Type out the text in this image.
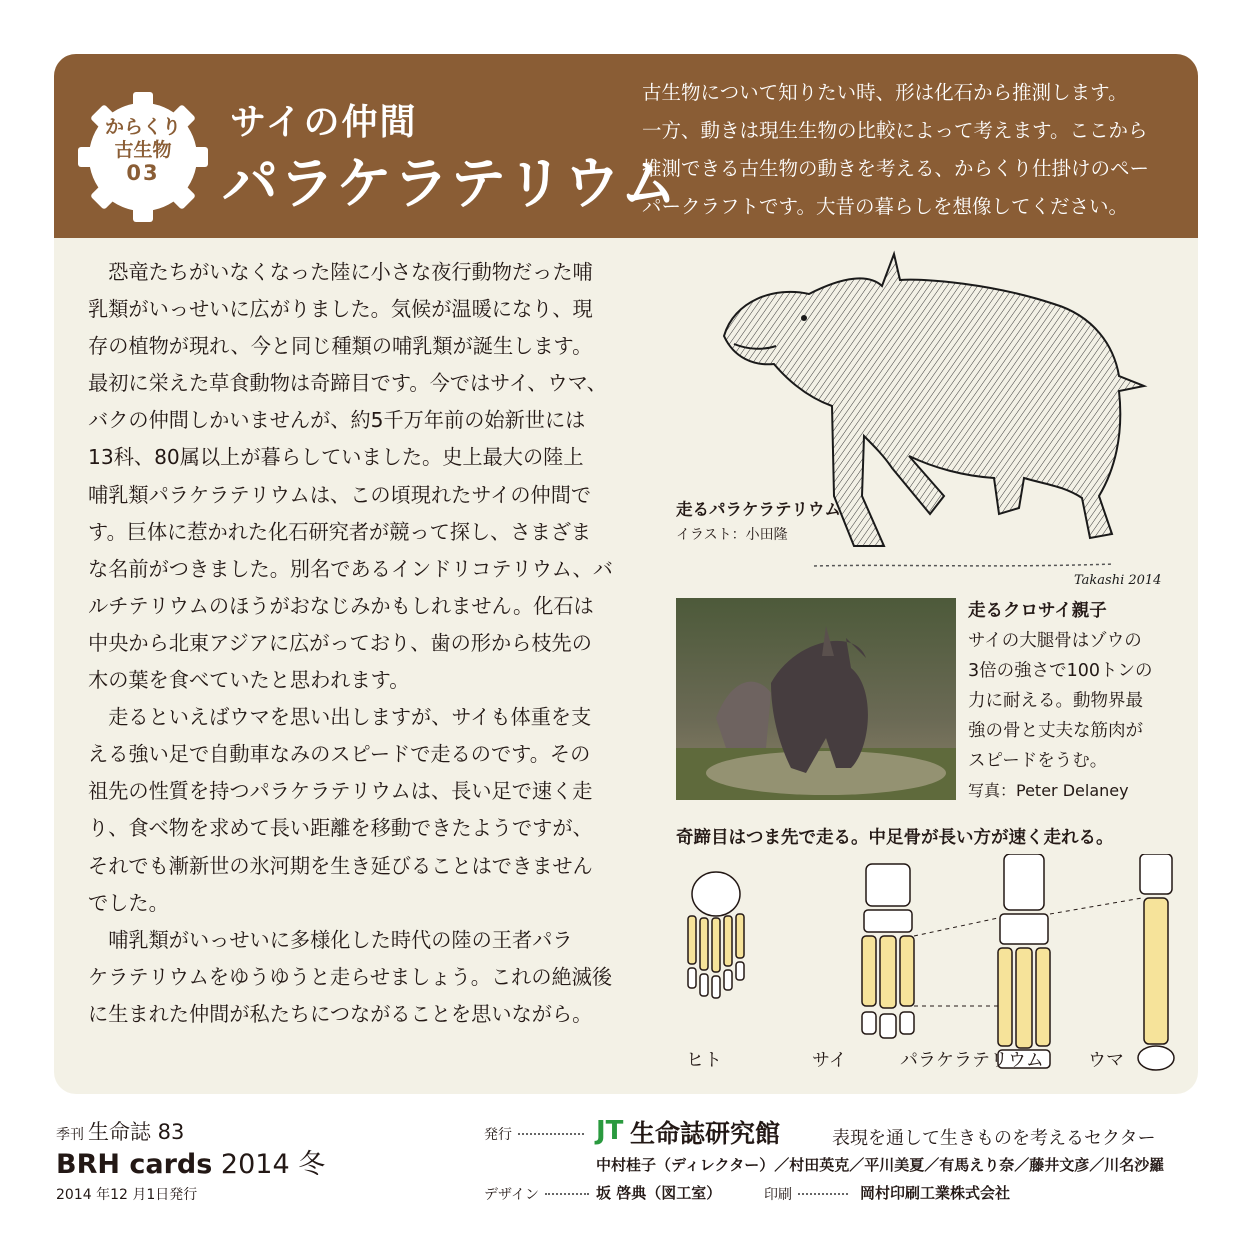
からくり
古生物
03
サイの仲間
パラケラテリウム
古生物について知りたい時、形は化石から推測します。
一方、動きは現生生物の比較によって考えます。ここから
推測できる古生物の動きを考える、からくり仕掛けのペー
パークラフトです。大昔の暮らしを想像してください。
　恐竜たちがいなくなった陸に小さな夜行動物だった哺
乳類がいっせいに広がりました。気候が温暖になり、現
存の植物が現れ、今と同じ種類の哺乳類が誕生します。
最初に栄えた草食動物は奇蹄目です。今ではサイ、ウマ、
バクの仲間しかいませんが、約5千万年前の始新世には
13科、80属以上が暮らしていました。史上最大の陸上
哺乳類パラケラテリウムは、この頃現れたサイの仲間で
す。巨体に惹かれた化石研究者が競って探し、さまざま
な名前がつきました。別名であるインドリコテリウム、バ
ルチテリウムのほうがおなじみかもしれません。化石は
中央から北東アジアに広がっており、歯の形から枝先の
木の葉を食べていたと思われます。
　走るといえばウマを思い出しますが、サイも体重を支
える強い足で自動車なみのスピードで走るのです。その
祖先の性質を持つパラケラテリウムは、長い足で速く走
り、食べ物を求めて長い距離を移動できたようですが、
それでも漸新世の氷河期を生き延びることはできません
でした。
　哺乳類がいっせいに多様化した時代の陸の王者パラ
ケラテリウムをゆうゆうと走らせましょう。これの絶滅後
に生まれた仲間が私たちにつながることを思いながら。
Takashi 2014
走るパラケラテリウム
イラスト：小田隆
走るクロサイ親子
サイの大腿骨はゾウの
3倍の強さで100トンの
力に耐える。動物界最
強の骨と丈夫な筋肉が
スピードをうむ。
写真：Peter Delaney
奇蹄目はつま先で走る。中足骨が長い方が速く走れる。
ヒト	サイ	パラケラテリウム ウマ
季刊 生命誌 83
BRH cards 2014 冬
2014 年12 月1日発行
発行	JT 生命誌研究館	表現を通して生きものを考えるセクター
中村桂子（ディレクター）／村田英克／平川美夏／有馬えり奈／藤井文彦／川名沙羅
デザイン	坂 啓典（図工室）	印刷	岡村印刷工業株式会社
